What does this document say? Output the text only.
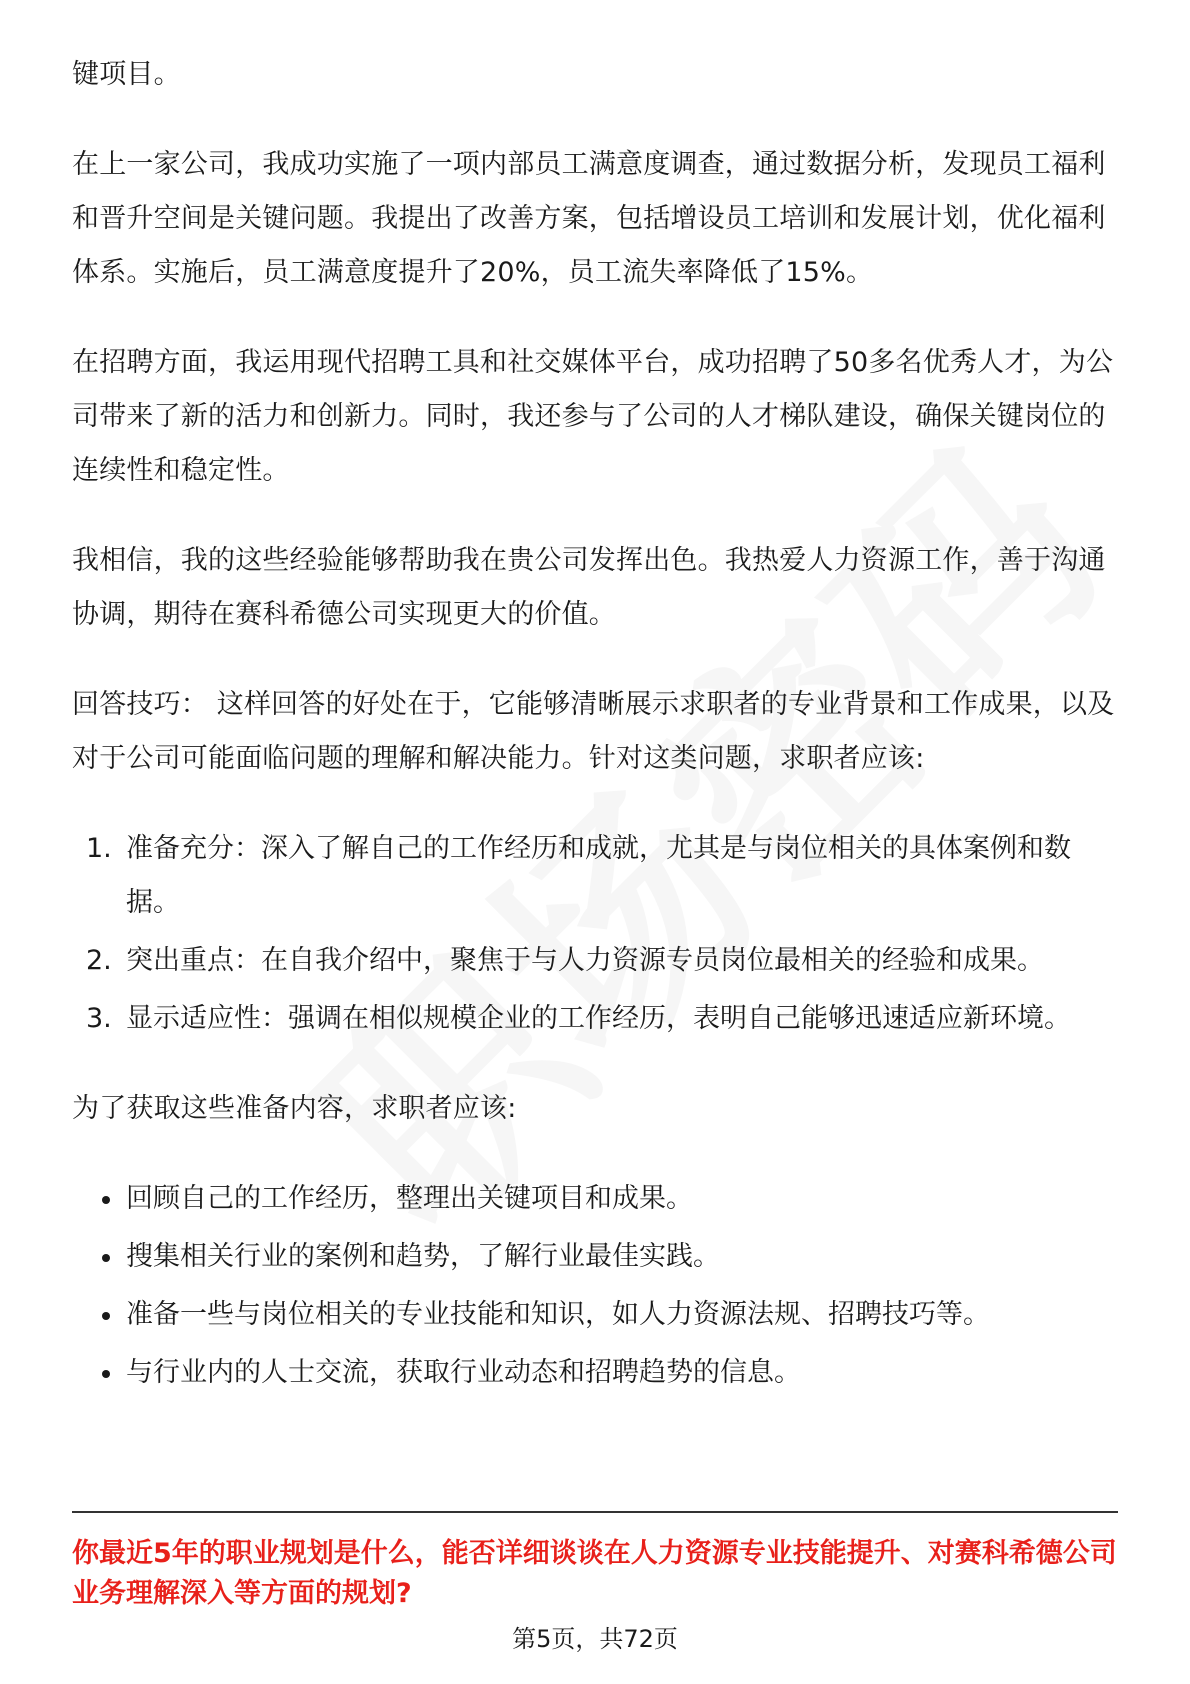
键项目。

在上一家公司，我成功实施了一项内部员工满意度调查，通过数据分析，发现员工福利和晋升空间是关键问题。我提出了改善方案，包括增设员工培训和发展计划，优化福利体系。实施后，员工满意度提升了20%，员工流失率降低了15%。

在招聘方面，我运用现代招聘工具和社交媒体平台，成功招聘了50多名优秀人才，为公司带来了新的活力和创新力。同时，我还参与了公司的人才梯队建设，确保关键岗位的连续性和稳定性。

我相信，我的这些经验能够帮助我在贵公司发挥出色。我热爱人力资源工作，善于沟通协调，期待在赛科希德公司实现更大的价值。

回答技巧： 这样回答的好处在于，它能够清晰展示求职者的专业背景和工作成果，以及对于公司可能面临问题的理解和解决能力。针对这类问题，求职者应该:

1. 准备充分：深入了解自己的工作经历和成就，尤其是与岗位相关的具体案例和数据。
2. 突出重点：在自我介绍中，聚焦于与人力资源专员岗位最相关的经验和成果。
3. 显示适应性：强调在相似规模企业的工作经历，表明自己能够迅速适应新环境。

为了获取这些准备内容，求职者应该:

回顾自己的工作经历，整理出关键项目和成果。
搜集相关行业的案例和趋势，了解行业最佳实践。
准备一些与岗位相关的专业技能和知识，如人力资源法规、招聘技巧等。
与行业内的人士交流，获取行业动态和招聘趋势的信息。

你最近5年的职业规划是什么，能否详细谈谈在人力资源专业技能提升、对赛科希德公司业务理解深入等方面的规划?

第5页，共72页
